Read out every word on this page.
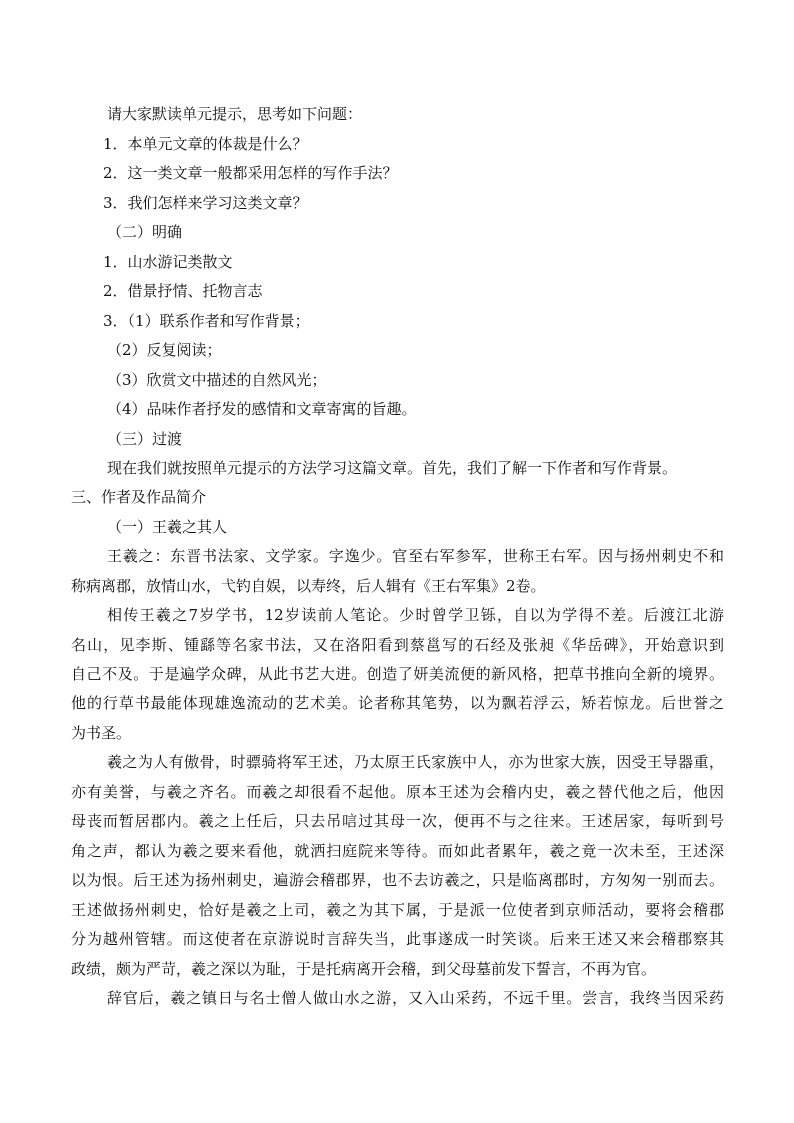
请大家默读单元提示，思考如下问题：
1．本单元文章的体裁是什么？
2．这一类文章一般都采用怎样的写作手法？
3．我们怎样来学习这类文章？
（二）明确
1．山水游记类散文
2．借景抒情、托物言志
3．（1）联系作者和写作背景；
（2）反复阅读；
（3）欣赏文中描述的自然风光；
（4）品味作者抒发的感情和文章寄寓的旨趣。
（三）过渡
现在我们就按照单元提示的方法学习这篇文章。首先，我们了解一下作者和写作背景。
三、作者及作品简介
（一）王羲之其人
王羲之：东晋书法家、文学家。字逸少。官至右军参军，世称王右军。因与扬州刺史不和
称病离郡，放情山水，弋钓自娱，以寿终，后人辑有《王右军集》2卷。
相传王羲之7岁学书，12岁读前人笔论。少时曾学卫铄，自以为学得不差。后渡江北游
名山，见李斯、锺繇等名家书法，又在洛阳看到蔡邕写的石经及张昶《华岳碑》，开始意识到
自己不及。于是遍学众碑，从此书艺大进。创造了妍美流便的新风格，把草书推向全新的境界。
他的行草书最能体现雄逸流动的艺术美。论者称其笔势，以为飘若浮云，矫若惊龙。后世誉之
为书圣。
羲之为人有傲骨，时骠骑将军王述，乃太原王氏家族中人，亦为世家大族，因受王导器重，
亦有美誉，与羲之齐名。而羲之却很看不起他。原本王述为会稽内史，羲之替代他之后，他因
母丧而暂居郡内。羲之上任后，只去吊唁过其母一次，便再不与之往来。王述居家，每听到号
角之声，都认为羲之要来看他，就洒扫庭院来等待。而如此者累年，羲之竟一次未至，王述深
以为恨。后王述为扬州刺史，遍游会稽郡界，也不去访羲之，只是临离郡时，方匆匆一别而去。
王述做扬州刺史，恰好是羲之上司，羲之为其下属，于是派一位使者到京师活动，要将会稽郡
分为越州管辖。而这使者在京游说时言辞失当，此事遂成一时笑谈。后来王述又来会稽郡察其
政绩，颇为严苛，羲之深以为耻，于是托病离开会稽，到父母墓前发下誓言，不再为官。
辞官后，羲之镇日与名士僧人做山水之游，又入山采药，不远千里。尝言，我终当因采药
